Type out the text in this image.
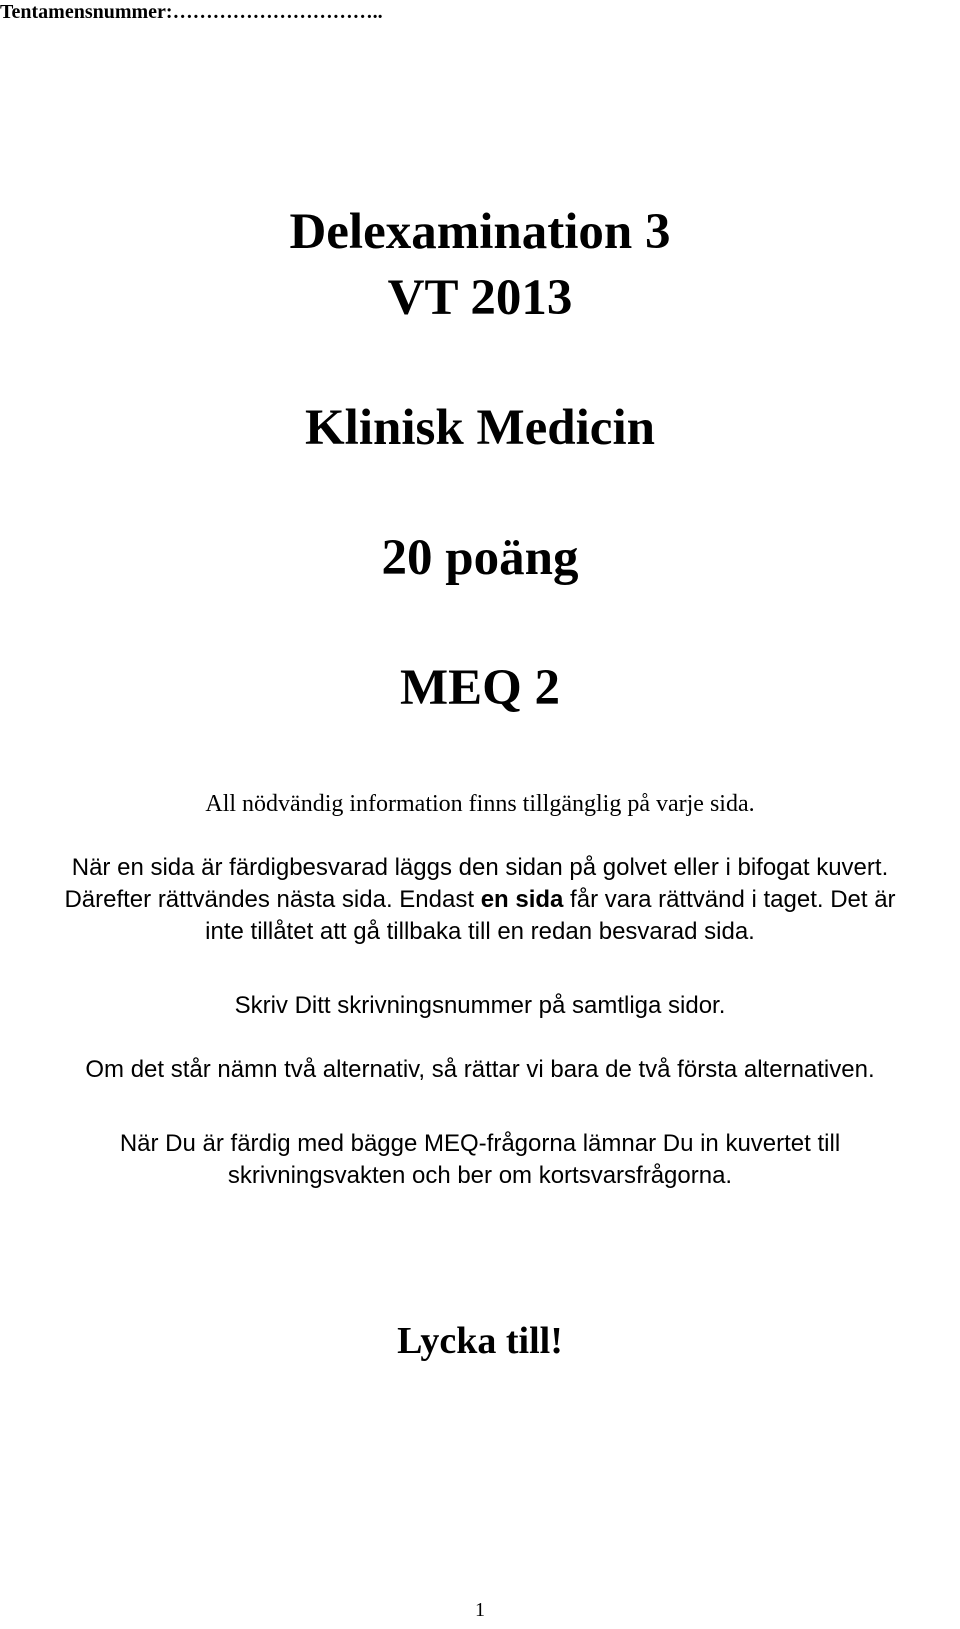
Tentamensnummer:…………………………..
Delexamination 3
VT 2013
Klinisk Medicin
20 poäng
MEQ 2
All nödvändig information finns tillgänglig på varje sida.
När en sida är färdigbesvarad läggs den sidan på golvet eller i bifogat kuvert.
Därefter rättvändes nästa sida. Endast en sida får vara rättvänd i taget. Det är
inte tillåtet att gå tillbaka till en redan besvarad sida.
Skriv Ditt skrivningsnummer på samtliga sidor.
Om det står nämn två alternativ, så rättar vi bara de två första alternativen.
När Du är färdig med bägge MEQ-frågorna lämnar Du in kuvertet till
skrivningsvakten och ber om kortsvarsfrågorna.
Lycka till!
1
